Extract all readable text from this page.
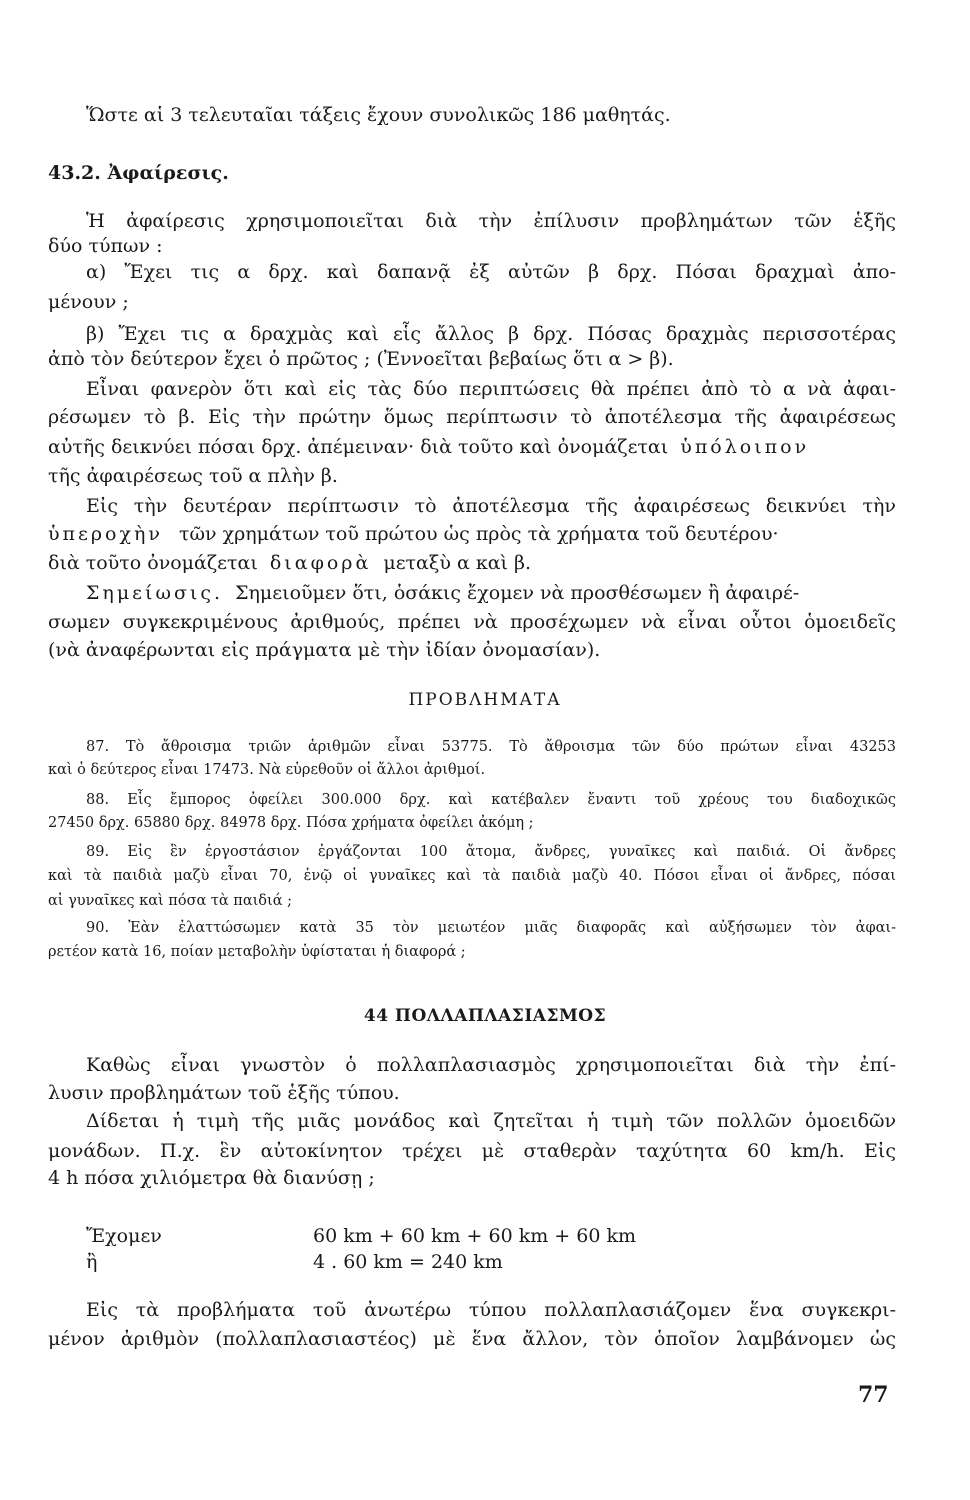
Ὥστε αἱ 3 τελευταῖαι τάξεις ἔχουν συνολικῶς 186 μαθητάς.
43.2. Ἀφαίρεσις.
Ἡ ἀφαίρεσις χρησιμοποιεῖται διὰ τὴν ἐπίλυσιν προβλημάτων τῶν ἑξῆς
δύο τύπων :
α) Ἔχει τις α δρχ. καὶ δαπανᾷ ἐξ αὐτῶν β δρχ. Πόσαι δραχμαὶ ἀπο-
μένουν ;
β) Ἔχει τις α δραχμὰς καὶ εἷς ἄλλος β δρχ. Πόσας δραχμὰς περισσοτέρας
ἀπὸ τὸν δεύτερον ἔχει ὁ πρῶτος ; (Ἐννοεῖται βεβαίως ὅτι α > β).
Εἶναι φανερὸν ὅτι καὶ εἰς τὰς δύο περιπτώσεις θὰ πρέπει ἀπὸ τὸ α νὰ ἀφαι-
ρέσωμεν τὸ β. Εἰς τὴν πρώτην ὅμως περίπτωσιν τὸ ἀποτέλεσμα τῆς ἀφαιρέσεως
αὐτῆς δεικνύει πόσαι δρχ. ἀπέμειναν· διὰ τοῦτο καὶ ὀνομάζεται ὑπόλοιπον
τῆς ἀφαιρέσεως τοῦ α πλὴν β.
Εἰς τὴν δευτέραν περίπτωσιν τὸ ἀποτέλεσμα τῆς ἀφαιρέσεως δεικνύει τὴν
ὑπεροχὴν τῶν χρημάτων τοῦ πρώτου ὡς πρὸς τὰ χρήματα τοῦ δευτέρου·
διὰ τοῦτο ὀνομάζεται διαφορὰ μεταξὺ α καὶ β.
Σημείωσις. Σημειοῦμεν ὅτι, ὁσάκις ἔχομεν νὰ προσθέσωμεν ἢ ἀφαιρέ-
σωμεν συγκεκριμένους ἀριθμούς, πρέπει νὰ προσέχωμεν νὰ εἶναι οὗτοι ὁμοειδεῖς
(νὰ ἀναφέρωνται εἰς πράγματα μὲ τὴν ἰδίαν ὀνομασίαν).
ΠΡΟΒΛΗΜΑΤΑ
87. Τὸ ἄθροισμα τριῶν ἀριθμῶν εἶναι 53775. Τὸ ἄθροισμα τῶν δύο πρώτων εἶναι 43253
καὶ ὁ δεύτερος εἶναι 17473. Νὰ εὑρεθοῦν οἱ ἄλλοι ἀριθμοί.
88. Εἷς ἔμπορος ὀφείλει 300.000 δρχ. καὶ κατέβαλεν ἔναντι τοῦ χρέους του διαδοχικῶς
27450 δρχ. 65880 δρχ. 84978 δρχ. Πόσα χρήματα ὀφείλει ἀκόμη ;
89. Εἰς ἓν ἐργοστάσιον ἐργάζονται 100 ἄτομα, ἄνδρες, γυναῖκες καὶ παιδιά. Οἱ ἄνδρες
καὶ τὰ παιδιὰ μαζὺ εἶναι 70, ἐνῷ οἱ γυναῖκες καὶ τὰ παιδιὰ μαζὺ 40. Πόσοι εἶναι οἱ ἄνδρες, πόσαι
αἱ γυναῖκες καὶ πόσα τὰ παιδιά ;
90. Ἐὰν ἐλαττώσωμεν κατὰ 35 τὸν μειωτέον μιᾶς διαφορᾶς καὶ αὐξήσωμεν τὸν ἀφαι-
ρετέον κατὰ 16, ποίαν μεταβολὴν ὑφίσταται ἡ διαφορά ;
44 ΠΟΛΛΑΠΛΑΣΙΑΣΜΟΣ
Καθὼς εἶναι γνωστὸν ὁ πολλαπλασιασμὸς χρησιμοποιεῖται διὰ τὴν ἐπί-
λυσιν προβλημάτων τοῦ ἑξῆς τύπου.
Δίδεται ἡ τιμὴ τῆς μιᾶς μονάδος καὶ ζητεῖται ἡ τιμὴ τῶν πολλῶν ὁμοειδῶν
μονάδων. Π.χ. ἓν αὐτοκίνητον τρέχει μὲ σταθερὰν ταχύτητα 60 km/h. Εἰς
4 h πόσα χιλιόμετρα θὰ διανύσῃ ;
Ἔχομεν	60 km + 60 km + 60 km + 60 km
ἢ	4 . 60 km = 240 km
Εἰς τὰ προβλήματα τοῦ ἀνωτέρω τύπου πολλαπλασιάζομεν ἕνα συγκεκρι-
μένον ἀριθμὸν (πολλαπλασιαστέος) μὲ ἕνα ἄλλον, τὸν ὁποῖον λαμβάνομεν ὡς
77
